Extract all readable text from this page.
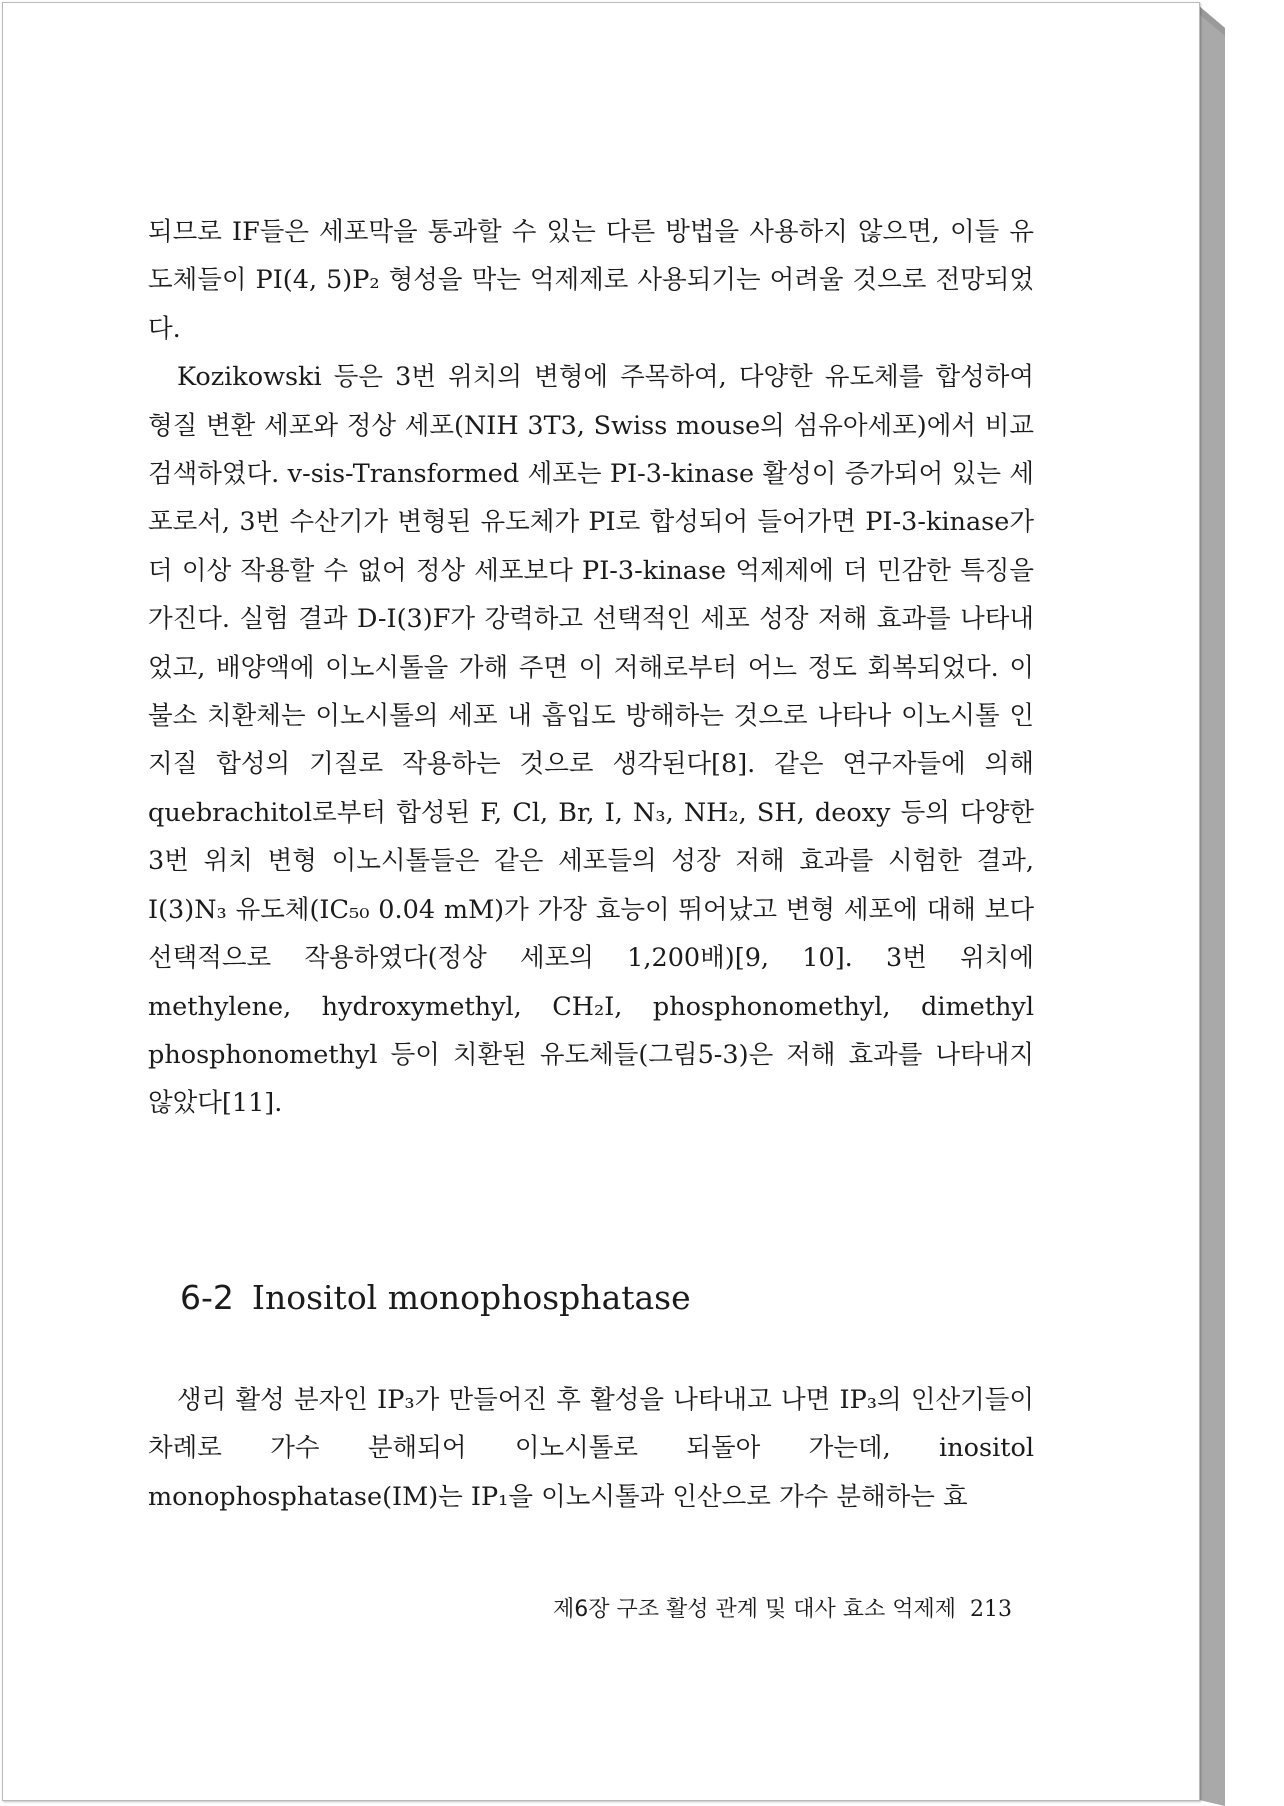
되므로 IF들은 세포막을 통과할 수 있는 다른 방법을 사용하지 않으면, 이들 유도체들이 PI(4, 5)P₂ 형성을 막는 억제제로 사용되기는 어려울 것으로 전망되었다.

Kozikowski 등은 3번 위치의 변형에 주목하여, 다양한 유도체를 합성하여 형질 변환 세포와 정상 세포(NIH 3T3, Swiss mouse의 섬유아세포)에서 비교 검색하였다. v-sis-Transformed 세포는 PI-3-kinase 활성이 증가되어 있는 세포로서, 3번 수산기가 변형된 유도체가 PI로 합성되어 들어가면 PI-3-kinase가 더 이상 작용할 수 없어 정상 세포보다 PI-3-kinase 억제제에 더 민감한 특징을 가진다. 실험 결과 D-I(3)F가 강력하고 선택적인 세포 성장 저해 효과를 나타내었고, 배양액에 이노시톨을 가해 주면 이 저해로부터 어느 정도 회복되었다. 이 불소 치환체는 이노시톨의 세포 내 흡입도 방해하는 것으로 나타나 이노시톨 인지질 합성의 기질로 작용하는 것으로 생각된다[8]. 같은 연구자들에 의해 quebrachitol로부터 합성된 F, Cl, Br, I, N₃, NH₂, SH, deoxy 등의 다양한 3번 위치 변형 이노시톨들은 같은 세포들의 성장 저해 효과를 시험한 결과, I(3)N₃ 유도체(IC₅₀ 0.04 mM)가 가장 효능이 뛰어났고 변형 세포에 대해 보다 선택적으로 작용하였다(정상 세포의 1,200배)[9, 10]. 3번 위치에 methylene, hydroxymethyl, CH₂I, phosphonomethyl, dimethyl phosphonomethyl 등이 치환된 유도체들(그림5-3)은 저해 효과를 나타내지 않았다[11].

6-2 Inositol monophosphatase

생리 활성 분자인 IP₃가 만들어진 후 활성을 나타내고 나면 IP₃의 인산기들이 차례로 가수 분해되어 이노시톨로 되돌아 가는데, inositol monophosphatase(IM)는 IP₁을 이노시톨과 인산으로 가수 분해하는 효

제6장 구조 활성 관계 및 대사 효소 억제제 213
